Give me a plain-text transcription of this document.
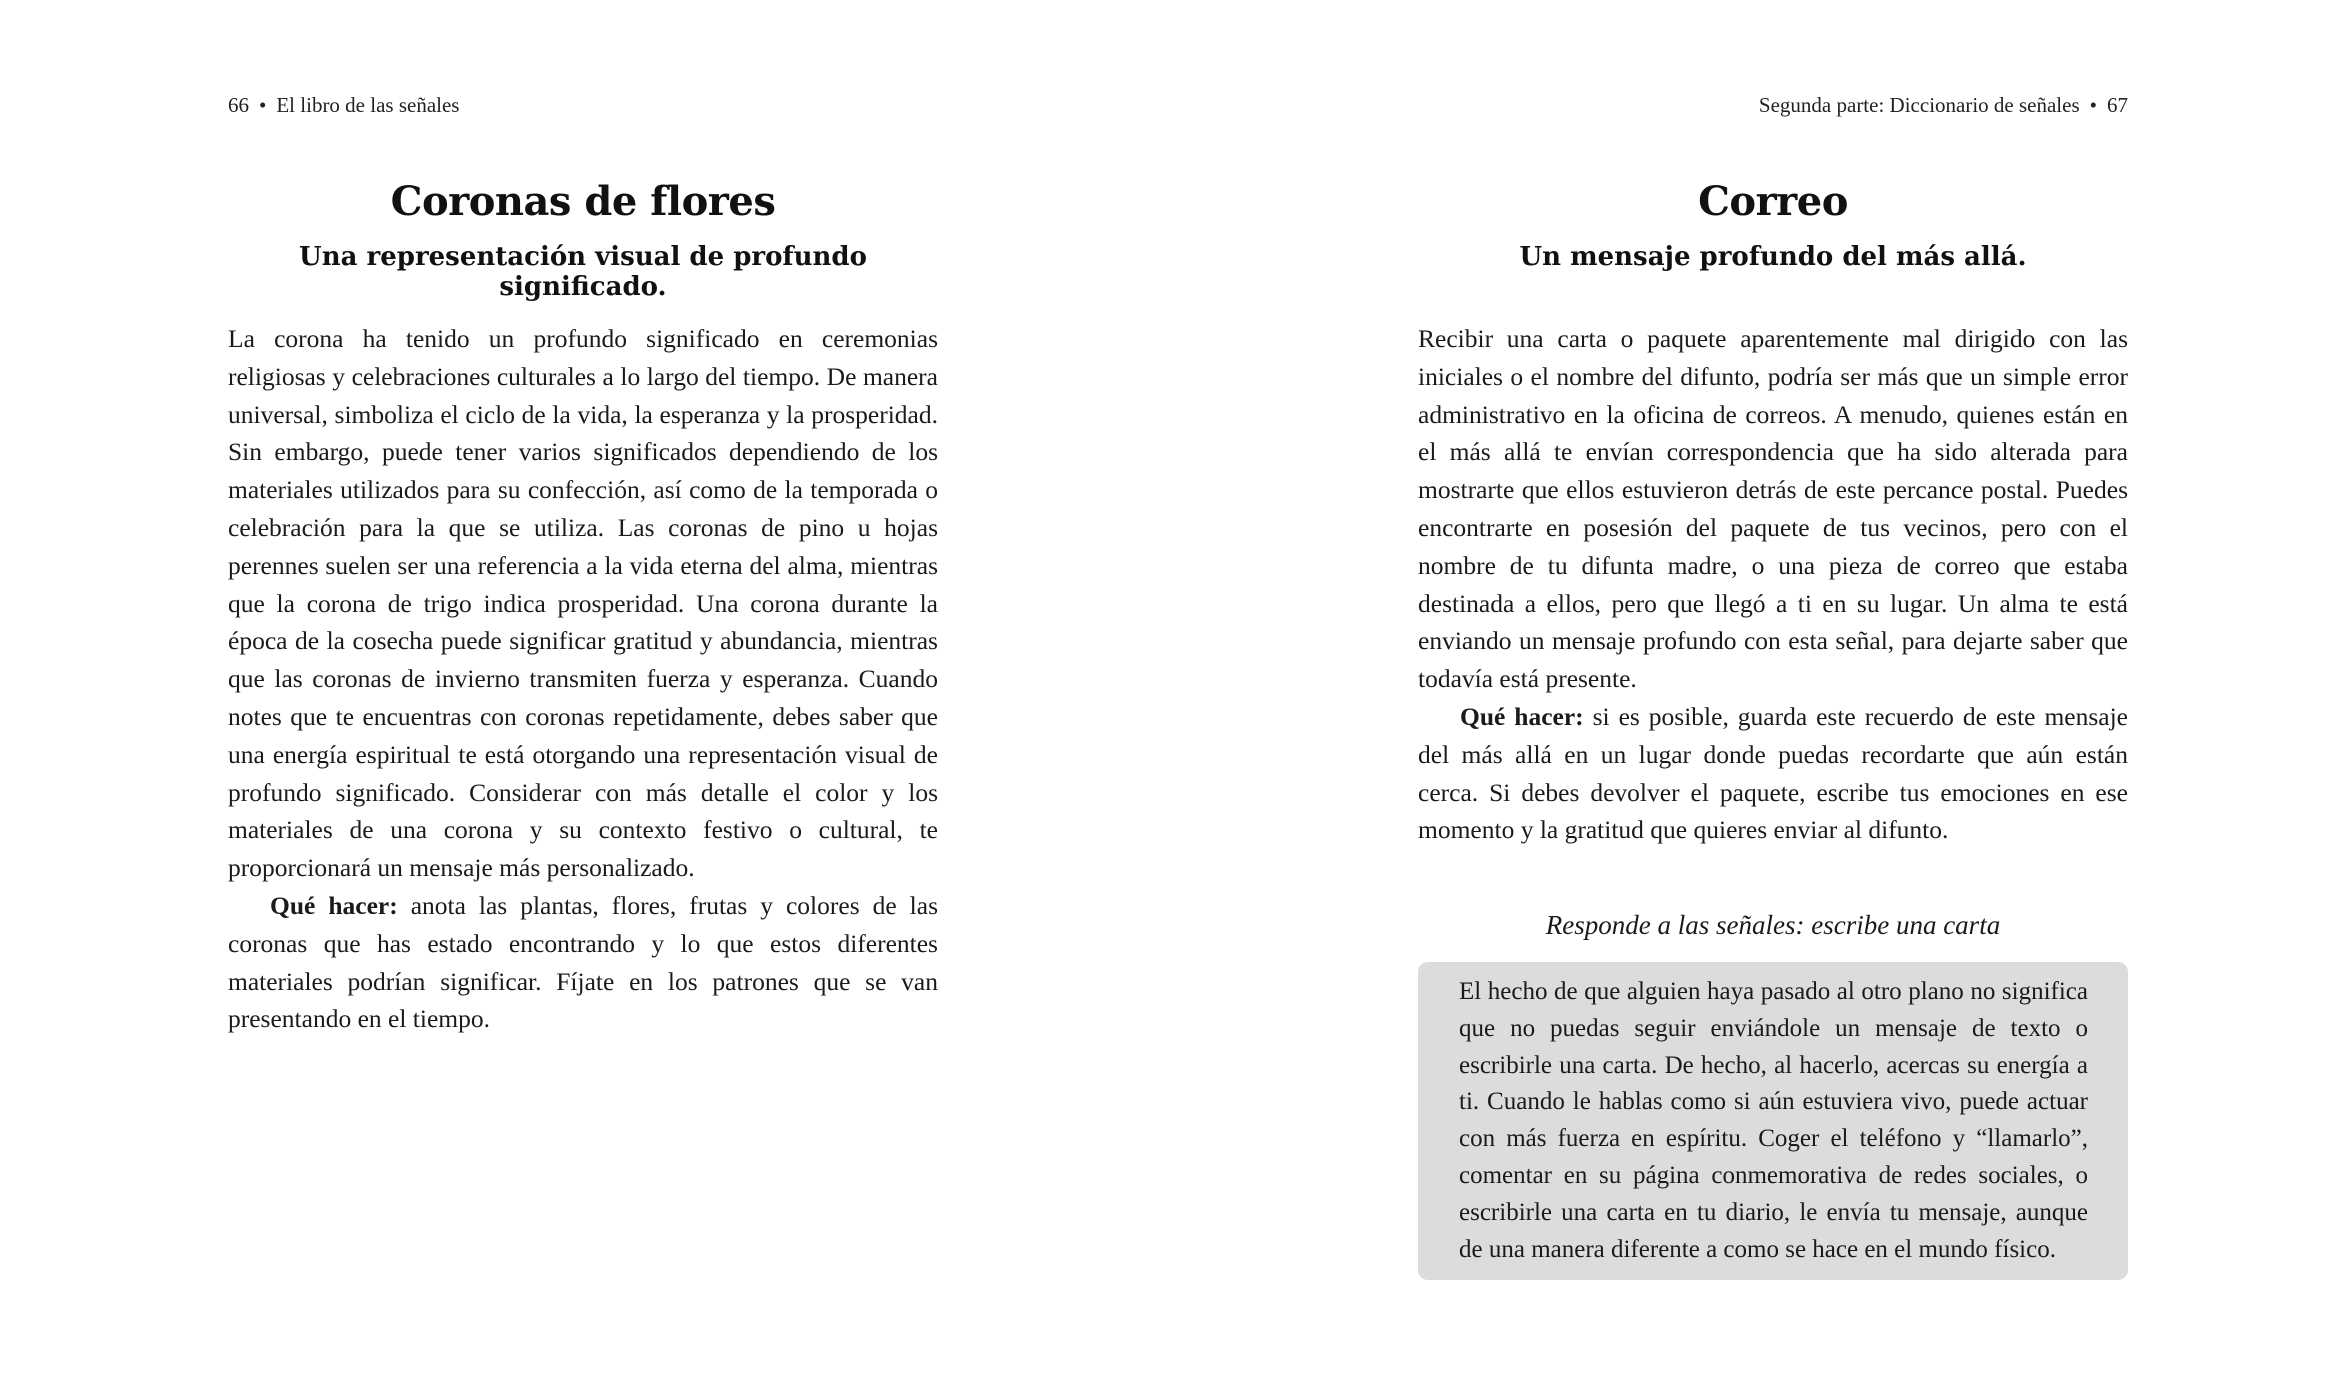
66 • El libro de las señales
Coronas de flores
Una representación visual de profundo significado.

La corona ha tenido un profundo significado en ceremonias religiosas y celebraciones culturales a lo largo del tiempo. De manera universal, simboliza el ciclo de la vida, la esperanza y la prosperidad. Sin embargo, puede tener varios significados dependiendo de los materiales utilizados para su confección, así como de la temporada o celebración para la que se utiliza. Las coronas de pino u hojas perennes suelen ser una referencia a la vida eterna del alma, mientras que la corona de trigo indica prosperidad. Una corona durante la época de la cosecha puede significar gratitud y abundancia, mientras que las coronas de invierno transmiten fuerza y esperanza. Cuando notes que te encuentras con coronas repetidamente, debes saber que una energía espiritual te está otorgando una representación visual de profundo significado. Considerar con más detalle el color y los materiales de una corona y su contexto festivo o cultural, te proporcionará un mensaje más personalizado.

Qué hacer: anota las plantas, flores, frutas y colores de las coronas que has estado encontrando y lo que estos diferentes materiales podrían significar. Fíjate en los patrones que se van presentando en el tiempo.

Segunda parte: Diccionario de señales • 67
Correo
Un mensaje profundo del más allá.

Recibir una carta o paquete aparentemente mal dirigido con las iniciales o el nombre del difunto, podría ser más que un simple error administrativo en la oficina de correos. A menudo, quienes están en el más allá te envían correspondencia que ha sido alterada para mostrarte que ellos estuvieron detrás de este percance postal. Puedes encontrarte en posesión del paquete de tus vecinos, pero con el nombre de tu difunta madre, o una pieza de correo que estaba destinada a ellos, pero que llegó a ti en su lugar. Un alma te está enviando un mensaje profundo con esta señal, para dejarte saber que todavía está presente.

Qué hacer: si es posible, guarda este recuerdo de este mensaje del más allá en un lugar donde puedas recordarte que aún están cerca. Si debes devolver el paquete, escribe tus emociones en ese momento y la gratitud que quieres enviar al difunto.

Responde a las señales: escribe una carta

El hecho de que alguien haya pasado al otro plano no significa que no puedas seguir enviándole un mensaje de texto o escribirle una carta. De hecho, al hacerlo, acercas su energía a ti. Cuando le hablas como si aún estuviera vivo, puede actuar con más fuerza en espíritu. Coger el teléfono y “llamarlo”, comentar en su página conmemorativa de redes sociales, o escribirle una carta en tu diario, le envía tu mensaje, aunque de una manera diferente a como se hace en el mundo físico.
